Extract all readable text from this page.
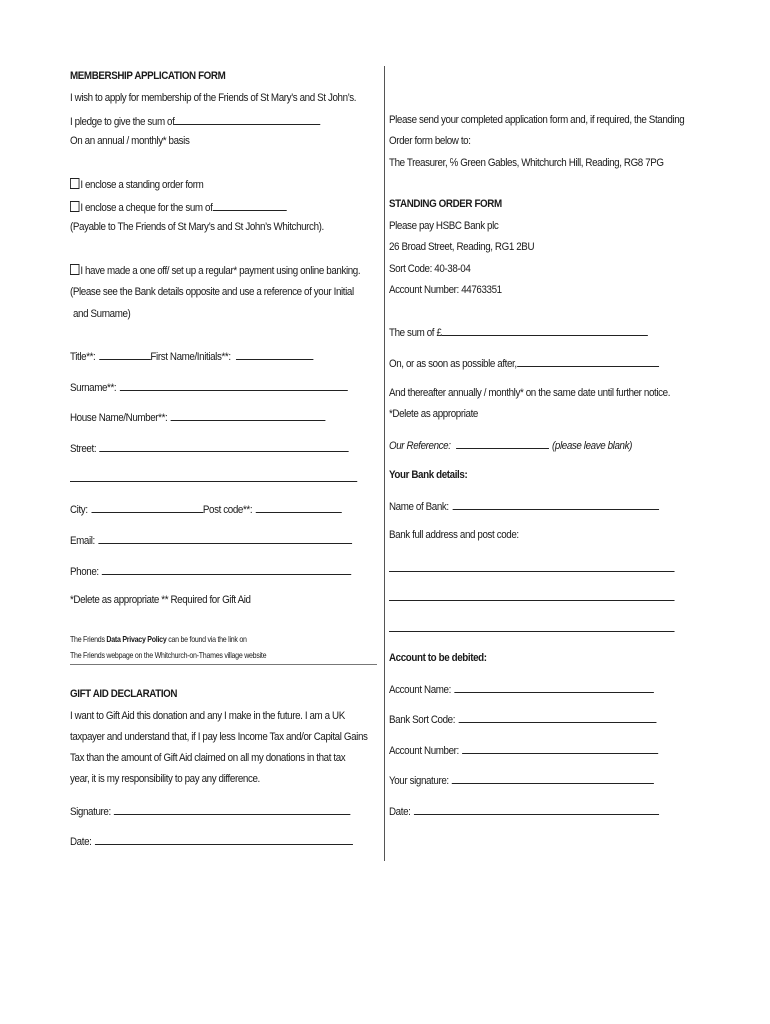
MEMBERSHIP APPLICATION FORM
I wish to apply for membership of the Friends of St Mary’s and St John’s.
I pledge to give the sum of
On an annual / monthly* basis
I enclose a standing order form
I enclose a cheque for the sum of
(Payable to The Friends of St Mary’s and St John’s Whitchurch).
I have made a one off/ set up a regular* payment using online banking.
(Please see the Bank details opposite and use a reference of your Initial
and Surname)
Title**:	First Name/Initials**:
Surname**:
House Name/Number**:
Street:
City:	Post code**:
Email:
Phone:
*Delete as appropriate ** Required for Gift Aid
The Friends Data Privacy Policy can be found via the link on
The Friends webpage on the Whitchurch-on-Thames village website
GIFT AID DECLARATION
I want to Gift Aid this donation and any I make in the future. I am a UK
taxpayer and understand that, if I pay less Income Tax and/or Capital Gains
Tax than the amount of Gift Aid claimed on all my donations in that tax
year, it is my responsibility to pay any difference.
Signature:
Date:
Please send your completed application form and, if required, the Standing
Order form below to:
The Treasurer, ℅ Green Gables, Whitchurch Hill, Reading, RG8 7PG
STANDING ORDER FORM
Please pay HSBC Bank plc
26 Broad Street, Reading, RG1 2BU
Sort Code: 40-38-04
Account Number: 44763351
The sum of £
On, or as soon as possible after,
And thereafter annually / monthly* on the same date until further notice.
*Delete as appropriate
Our Reference:	(please leave blank)
Your Bank details:
Name of Bank:
Bank full address and post code:
Account to be debited:
Account Name:
Bank Sort Code:
Account Number:
Your signature:
Date:
